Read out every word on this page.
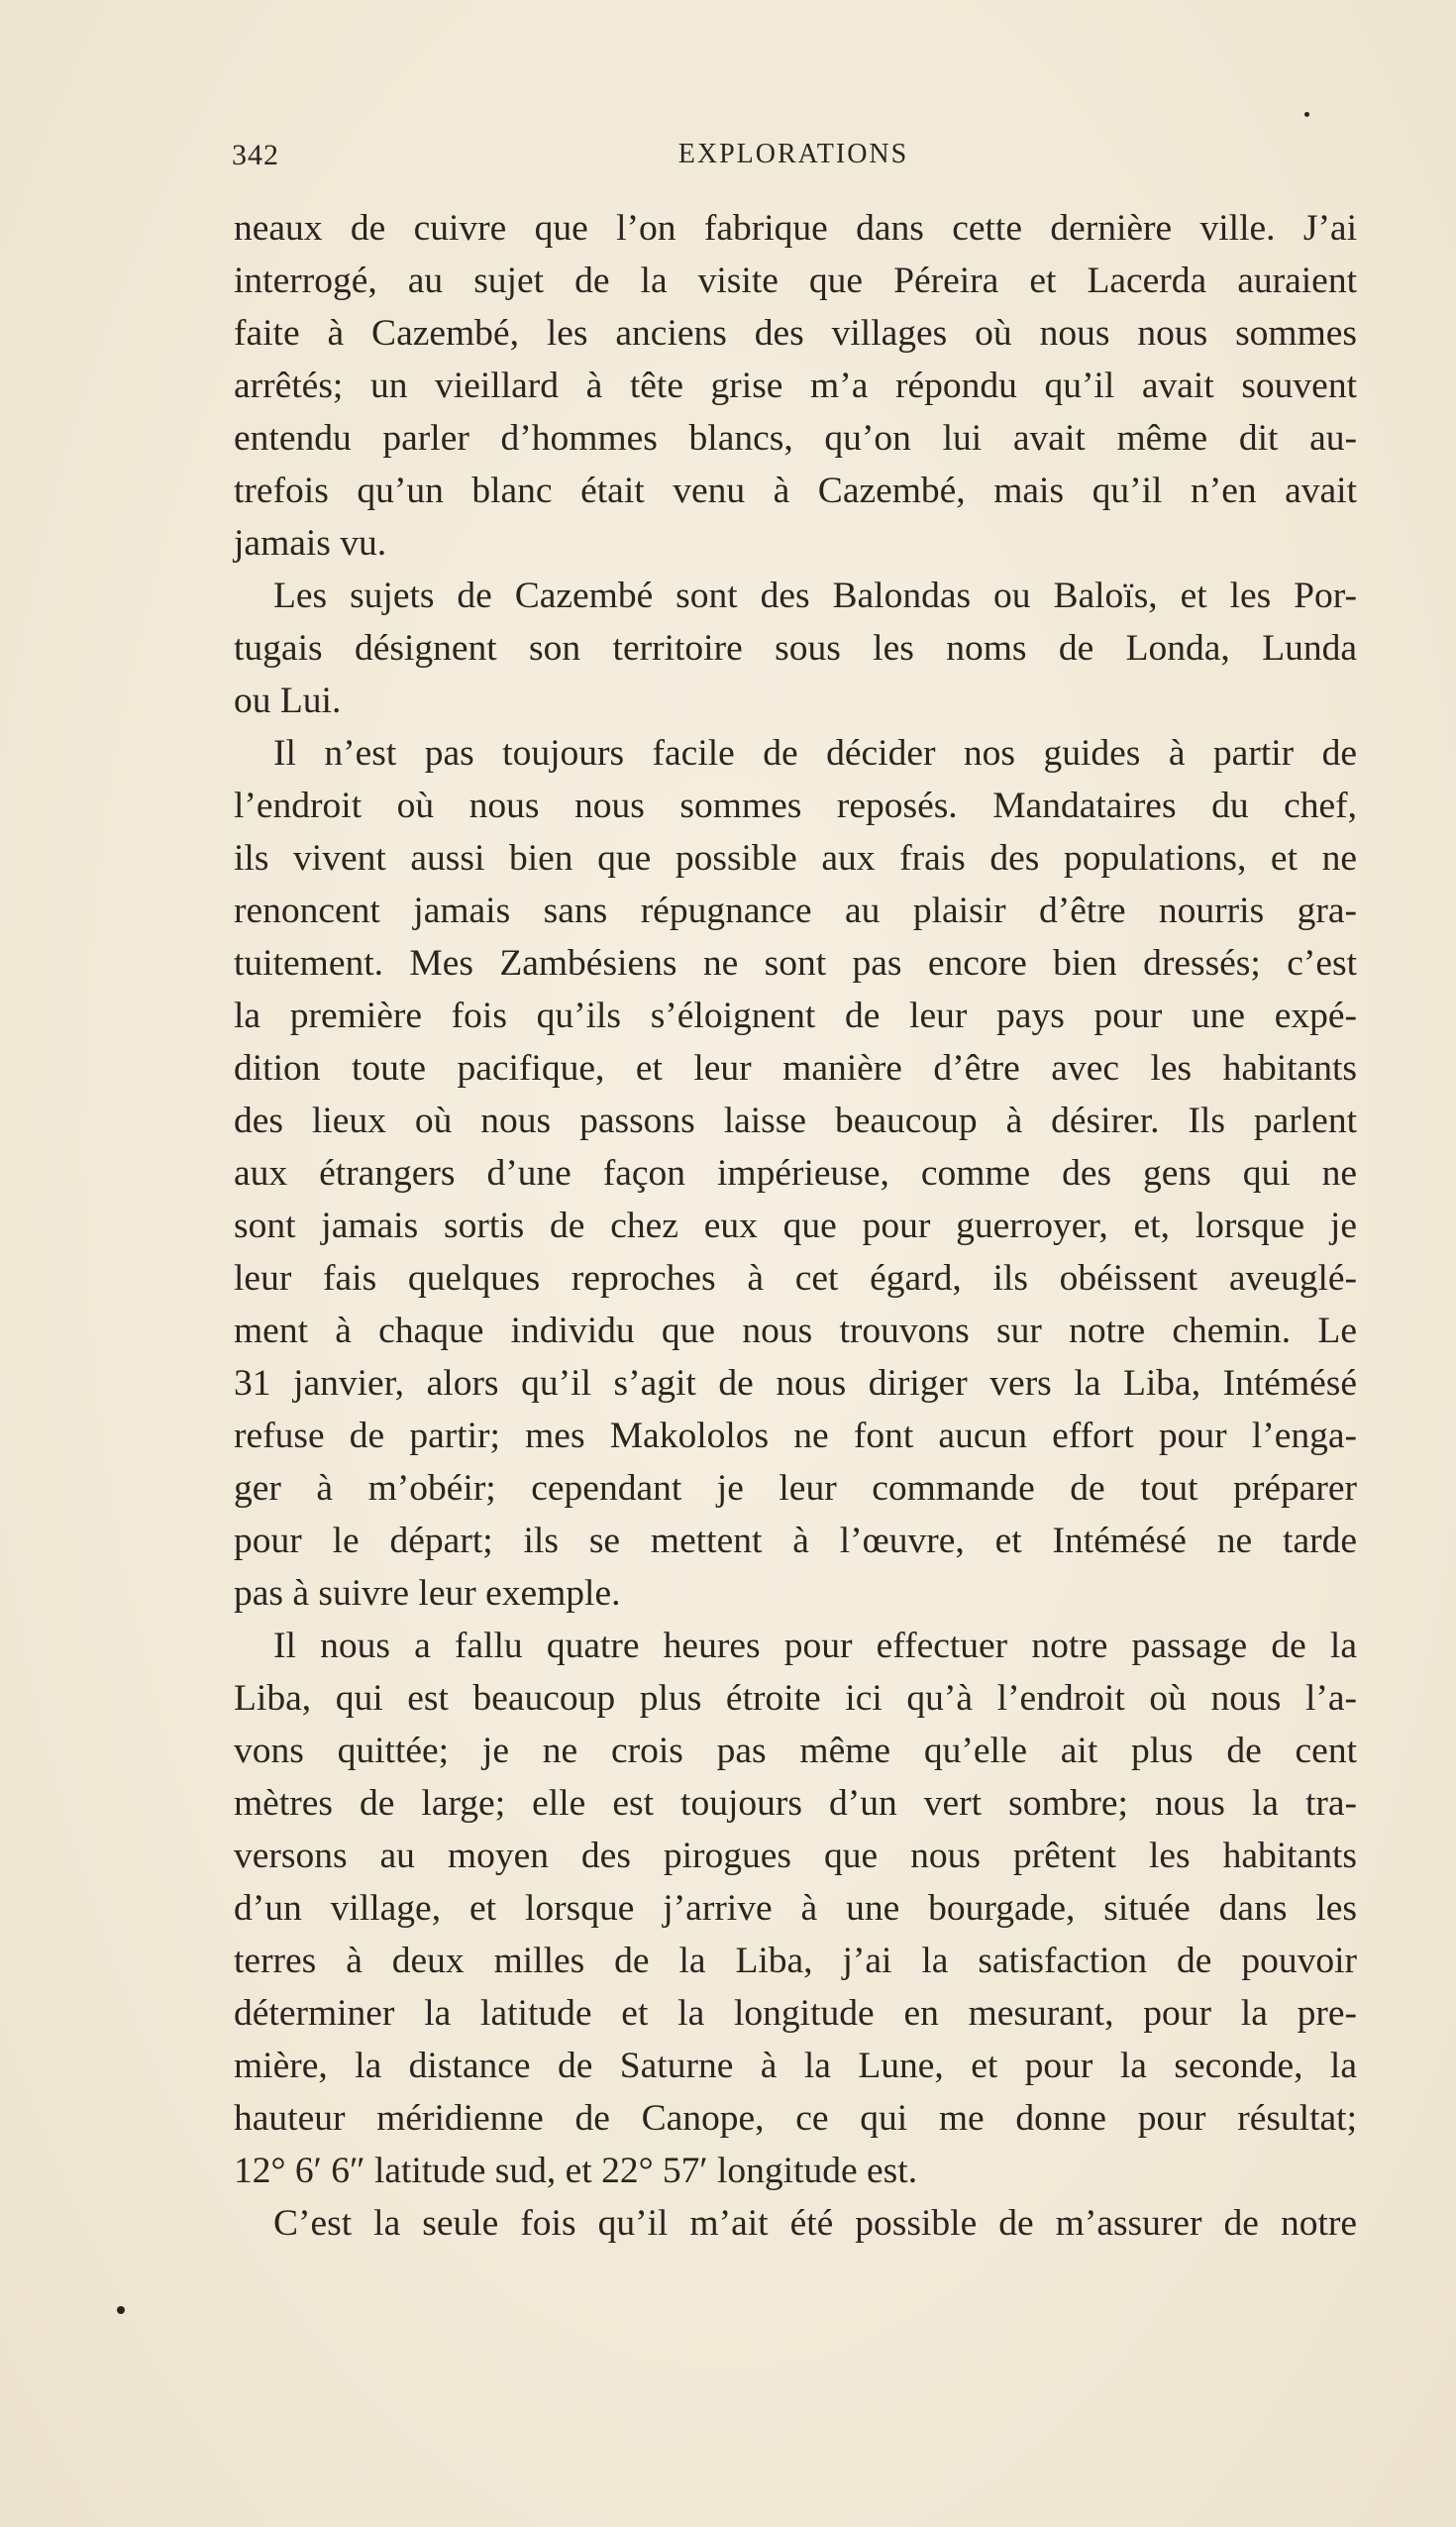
342	EXPLORATIONS
neaux de cuivre que l’on fabrique dans cette dernière ville. J’ai
interrogé, au sujet de la visite que Péreira et Lacerda auraient
faite à Cazembé, les anciens des villages où nous nous sommes
arrêtés; un vieillard à tête grise m’a répondu qu’il avait souvent
entendu parler d’hommes blancs, qu’on lui avait même dit au-
trefois qu’un blanc était venu à Cazembé, mais qu’il n’en avait
jamais vu.
Les sujets de Cazembé sont des Balondas ou Baloïs, et les Por-
tugais désignent son territoire sous les noms de Londa, Lunda
ou Lui.
Il n’est pas toujours facile de décider nos guides à partir de
l’endroit où nous nous sommes reposés. Mandataires du chef,
ils vivent aussi bien que possible aux frais des populations, et ne
renoncent jamais sans répugnance au plaisir d’être nourris gra-
tuitement. Mes Zambésiens ne sont pas encore bien dressés; c’est
la première fois qu’ils s’éloignent de leur pays pour une expé-
dition toute pacifique, et leur manière d’être avec les habitants
des lieux où nous passons laisse beaucoup à désirer. Ils parlent
aux étrangers d’une façon impérieuse, comme des gens qui ne
sont jamais sortis de chez eux que pour guerroyer, et, lorsque je
leur fais quelques reproches à cet égard, ils obéissent aveuglé-
ment à chaque individu que nous trouvons sur notre chemin. Le
31 janvier, alors qu’il s’agit de nous diriger vers la Liba, Intémésé
refuse de partir; mes Makololos ne font aucun effort pour l’enga-
ger à m’obéir; cependant je leur commande de tout préparer
pour le départ; ils se mettent à l’œuvre, et Intémésé ne tarde
pas à suivre leur exemple.
Il nous a fallu quatre heures pour effectuer notre passage de la
Liba, qui est beaucoup plus étroite ici qu’à l’endroit où nous l’a-
vons quittée; je ne crois pas même qu’elle ait plus de cent
mètres de large; elle est toujours d’un vert sombre; nous la tra-
versons au moyen des pirogues que nous prêtent les habitants
d’un village, et lorsque j’arrive à une bourgade, située dans les
terres à deux milles de la Liba, j’ai la satisfaction de pouvoir
déterminer la latitude et la longitude en mesurant, pour la pre-
mière, la distance de Saturne à la Lune, et pour la seconde, la
hauteur méridienne de Canope, ce qui me donne pour résultat;
12° 6′ 6″ latitude sud, et 22° 57′ longitude est.
C’est la seule fois qu’il m’ait été possible de m’assurer de notre
